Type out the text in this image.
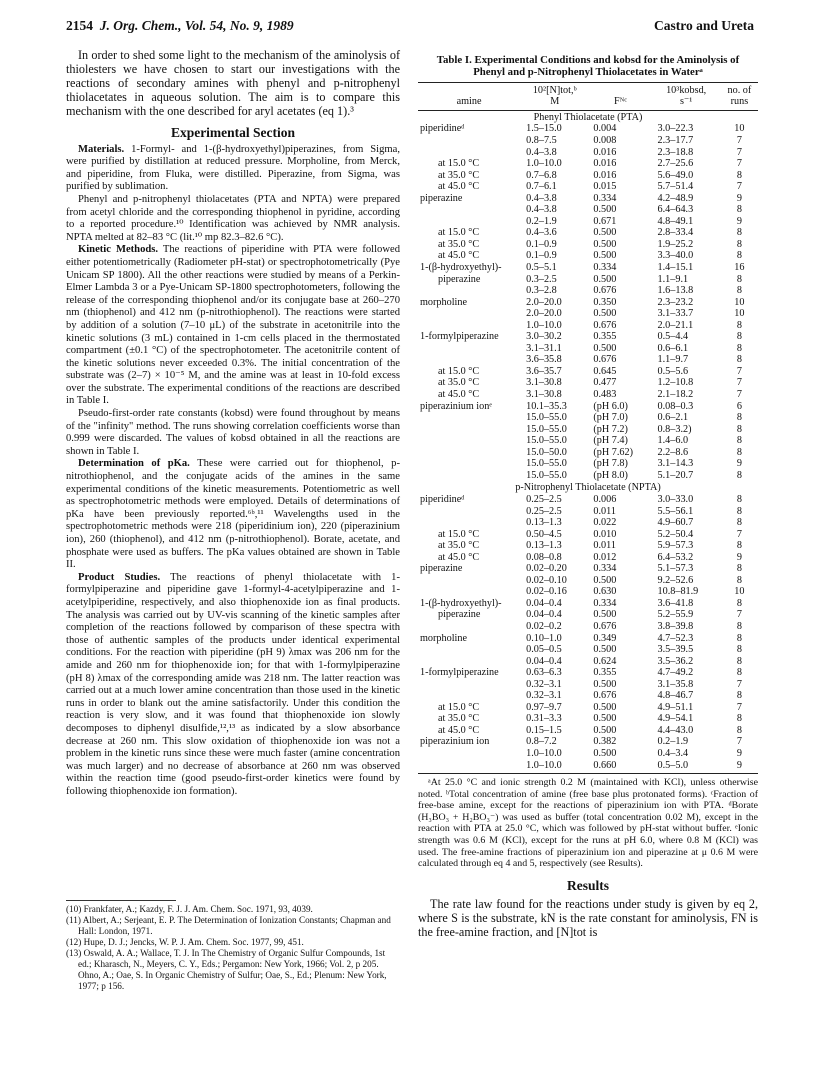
2154 J. Org. Chem., Vol. 54, No. 9, 1989	Castro and Ureta

In order to shed some light to the mechanism of the aminolysis of thiolesters we have chosen to start our investigations with the reactions of secondary amines with phenyl and p-nitrophenyl thiolacetates in aqueous solution. The aim is to compare this mechanism with the one described for aryl acetates (eq 1).³

Experimental Section

Materials. 1-Formyl- and 1-(β-hydroxyethyl)piperazines, from Sigma, were purified by distillation at reduced pressure. Morpholine, from Merck, and piperidine, from Fluka, were distilled. Piperazine, from Sigma, was purified by sublimation.

Phenyl and p-nitrophenyl thiolacetates (PTA and NPTA) were prepared from acetyl chloride and the corresponding thiophenol in pyridine, according to a reported procedure.¹⁰ Identification was achieved by NMR analysis. NPTA melted at 82–83 °C (lit.¹⁰ mp 82.3–82.6 °C).

Kinetic Methods. The reactions of piperidine with PTA were followed either potentiometrically (Radiometer pH-stat) or spectrophotometrically (Pye Unicam SP 1800). All the other reactions were studied by means of a Perkin-Elmer Lambda 3 or a Pye-Unicam SP-1800 spectrophotometers, following the release of the corresponding thiophenol and/or its conjugate base at 260–270 nm (thiophenol) and 412 nm (p-nitrothiophenol). The reactions were started by addition of a solution (7–10 μL) of the substrate in acetonitrile into the kinetic solutions (3 mL) contained in 1-cm cells placed in the thermostated compartment (±0.1 °C) of the spectrophotometer. The acetonitrile content of the kinetic solutions never exceeded 0.3%. The initial concentration of the substrate was (2–7) × 10⁻⁵ M, and the amine was at least in 10-fold excess over the substrate. The experimental conditions of the reactions are described in Table I.

Pseudo-first-order rate constants (kobsd) were found throughout by means of the "infinity" method. The runs showing correlation coefficients worse than 0.999 were discarded. The values of kobsd obtained in all the reactions are shown in Table I.

Determination of pKa. These were carried out for thiophenol, p-nitrothiophenol, and the conjugate acids of the amines in the same experimental conditions of the kinetic measurements. Potentiometric as well as spectrophotometric methods were employed. Details of determinations of pKa have been previously reported.⁶ᵇ,¹¹ Wavelengths used in the spectrophotometric methods were 218 (piperidinium ion), 220 (piperazinium ion), 260 (thiophenol), and 412 nm (p-nitrothiophenol). Borate, acetate, and phosphate were used as buffers. The pKa values obtained are shown in Table II.

Product Studies. The reactions of phenyl thiolacetate with 1-formylpiperazine and piperidine gave 1-formyl-4-acetylpiperazine and 1-acetylpiperidine, respectively, and also thiophenoxide ion as final products. The analysis was carried out by UV-vis scanning of the kinetic samples after completion of the reactions followed by comparison of these spectra with those of authentic samples of the products under identical experimental conditions. For the reaction with piperidine (pH 9) λmax was 206 nm for the amide and 260 nm for thiophenoxide ion; for that with 1-formylpiperazine (pH 8) λmax of the corresponding amide was 218 nm. The latter reaction was carried out at a much lower amine concentration than those used in the kinetic runs in order to blank out the amine satisfactorily. Under this condition the reaction is very slow, and it was found that thiophenoxide ion slowly decomposes to diphenyl disulfide,¹²,¹³ as indicated by a slow absorbance decrease at 260 nm. This slow oxidation of thiophenoxide ion was not a problem in the kinetic runs since these were much faster (amine concentration was much larger) and no decrease of absorbance at 260 nm was observed within the reaction time (good pseudo-first-order kinetics were found by following thiophenoxide ion formation).

(10) Frankfater, A.; Kazdy, F. J. J. Am. Chem. Soc. 1971, 93, 4039.

(11) Albert, A.; Serjeant, E. P. The Determination of Ionization Constants; Chapman and Hall: London, 1971.

(12) Hupe, D. J.; Jencks, W. P. J. Am. Chem. Soc. 1977, 99, 451.

(13) Oswald, A. A.; Wallace, T. J. In The Chemistry of Organic Sulfur Compounds, 1st ed.; Kharasch, N., Meyers, C. Y., Eds.; Pergamon: New York, 1966; Vol. 2, p 205. Ohno, A.; Oae, S. In Organic Chemistry of Sulfur; Oae, S., Ed.; Plenum: New York, 1977; p 156.

Table I. Experimental Conditions and kobsd for the Aminolysis of Phenyl and p-Nitrophenyl Thiolacetates in Waterᵃ
	10²[N]tot,ᵇ		10³kobsd,	no. of
amine	M	Fᴺᶜ	s⁻¹	runs
Phenyl Thiolacetate (PTA)				
piperidineᵈ	1.5–15.0	0.004	3.0–22.3	10
	0.8–7.5	0.008	2.3–17.7	7
	0.4–3.8	0.016	2.3–18.8	7
at 15.0 °C	1.0–10.0	0.016	2.7–25.6	7
at 35.0 °C	0.7–6.8	0.016	5.6–49.0	8
at 45.0 °C	0.7–6.1	0.015	5.7–51.4	7
piperazine	0.4–3.8	0.334	4.2–48.9	9
	0.4–3.8	0.500	6.4–64.3	8
	0.2–1.9	0.671	4.8–49.1	9
at 15.0 °C	0.4–3.6	0.500	2.8–33.4	8
at 35.0 °C	0.1–0.9	0.500	1.9–25.2	8
at 45.0 °C	0.1–0.9	0.500	3.3–40.0	8
1-(β-hydroxyethyl)-	0.5–5.1	0.334	1.4–15.1	16
piperazine	0.3–2.5	0.500	1.1–9.1	8
	0.3–2.8	0.676	1.6–13.8	8
morpholine	2.0–20.0	0.350	2.3–23.2	10
	2.0–20.0	0.500	3.1–33.7	10
	1.0–10.0	0.676	2.0–21.1	8
1-formylpiperazine	3.0–30.2	0.355	0.5–4.4	8
	3.1–31.1	0.500	0.6–6.1	8
	3.6–35.8	0.676	1.1–9.7	8
at 15.0 °C	3.6–35.7	0.645	0.5–5.6	7
at 35.0 °C	3.1–30.8	0.477	1.2–10.8	7
at 45.0 °C	3.1–30.8	0.483	2.1–18.2	7
piperazinium ionᵉ	10.1–35.3	(pH 6.0)	0.08–0.3	6
	15.0–55.0	(pH 7.0)	0.6–2.1	8
	15.0–55.0	(pH 7.2)	0.8–3.2)	8
	15.0–55.0	(pH 7.4)	1.4–6.0	8
	15.0–50.0	(pH 7.62)	2.2–8.6	8
	15.0–55.0	(pH 7.8)	3.1–14.3	9
	15.0–55.0	(pH 8.0)	5.1–20.7	8
p-Nitrophenyl Thiolacetate (NPTA)				
piperidineᵈ	0.25–2.5	0.006	3.0–33.0	8
	0.25–2.5	0.011	5.5–56.1	8
	0.13–1.3	0.022	4.9–60.7	8
at 15.0 °C	0.50–4.5	0.010	5.2–50.4	7
at 35.0 °C	0.13–1.3	0.011	5.9–57.3	8
at 45.0 °C	0.08–0.8	0.012	6.4–53.2	9
piperazine	0.02–0.20	0.334	5.1–57.3	8
	0.02–0.10	0.500	9.2–52.6	8
	0.02–0.16	0.630	10.8–81.9	10
1-(β-hydroxyethyl)-	0.04–0.4	0.334	3.6–41.8	8
piperazine	0.04–0.4	0.500	5.2–55.9	7
	0.02–0.2	0.676	3.8–39.8	8
morpholine	0.10–1.0	0.349	4.7–52.3	8
	0.05–0.5	0.500	3.5–39.5	8
	0.04–0.4	0.624	3.5–36.2	8
1-formylpiperazine	0.63–6.3	0.355	4.7–49.2	8
	0.32–3.1	0.500	3.1–35.8	7
	0.32–3.1	0.676	4.8–46.7	8
at 15.0 °C	0.97–9.7	0.500	4.9–51.1	7
at 35.0 °C	0.31–3.3	0.500	4.9–54.1	8
at 45.0 °C	0.15–1.5	0.500	4.4–43.0	8
piperazinium ion	0.8–7.2	0.382	0.2–1.9	7
	1.0–10.0	0.500	0.4–3.4	9
	1.0–10.0	0.660	0.5–5.0	9
ᵃAt 25.0 °C and ionic strength 0.2 M (maintained with KCl), unless otherwise noted. ᵇTotal concentration of amine (free base plus protonated forms). ᶜFraction of free-base amine, except for the reactions of piperazinium ion with PTA. ᵈBorate (H₃BO₃ + H₂BO₃⁻) was used as buffer (total concentration 0.02 M), except in the reaction with PTA at 25.0 °C, which was followed by pH-stat without buffer. ᵉIonic strength was 0.6 M (KCl), except for the runs at pH 6.0, where 0.8 M (KCl) was used. The free-amine fractions of piperazinium ion and piperazine at μ 0.6 M were calculated through eq 4 and 5, respectively (see Results).
Results

The rate law found for the reactions under study is given by eq 2, where S is the substrate, kN is the rate constant for aminolysis, FN is the free-amine fraction, and [N]tot is
